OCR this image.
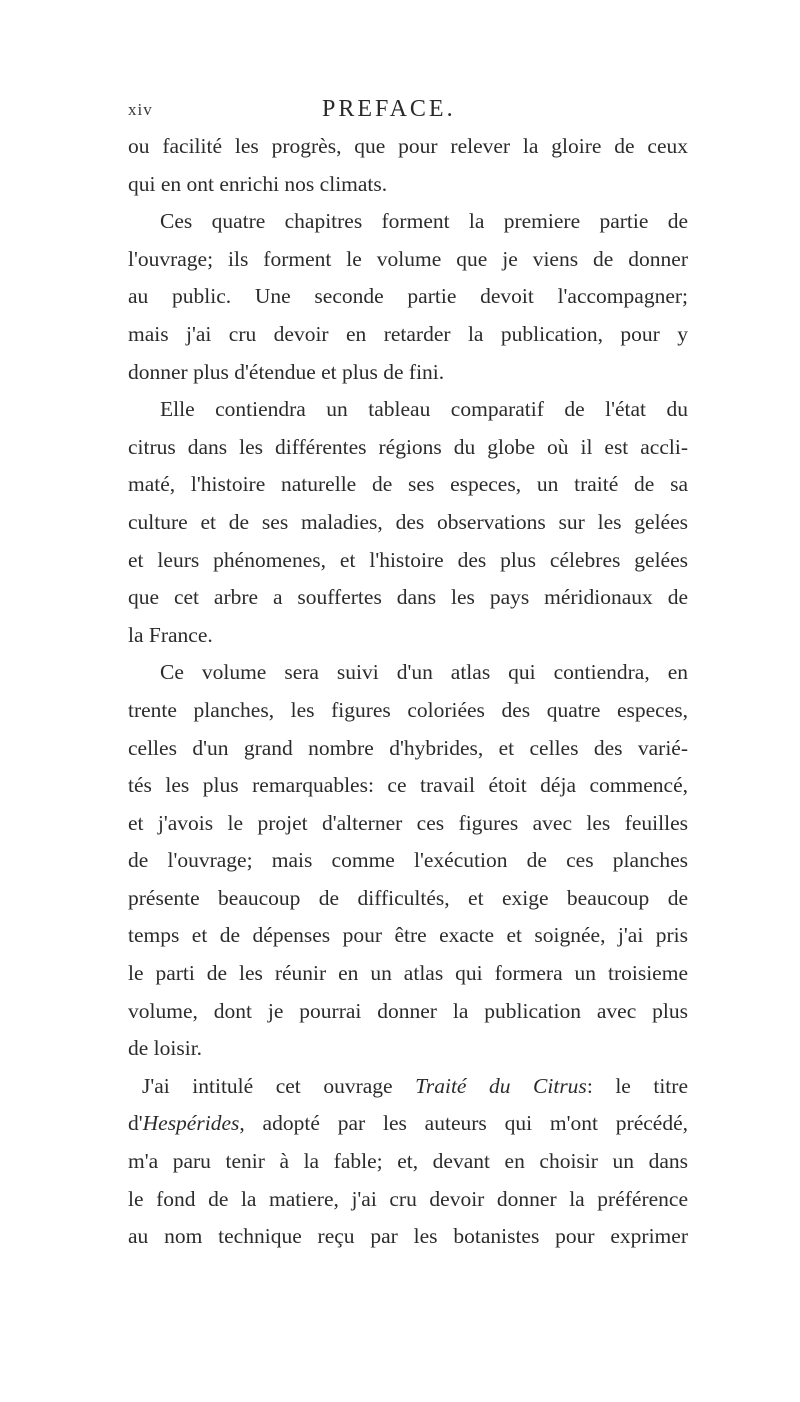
xiv	PREFACE.
ou facilité les progrès, que pour relever la gloire de ceux
qui en ont enrichi nos climats.
Ces quatre chapitres forment la premiere partie de
l'ouvrage; ils forment le volume que je viens de donner
au public. Une seconde partie devoit l'accompagner;
mais j'ai cru devoir en retarder la publication, pour y
donner plus d'étendue et plus de fini.
Elle contiendra un tableau comparatif de l'état du
citrus dans les différentes régions du globe où il est accli-
maté, l'histoire naturelle de ses especes, un traité de sa
culture et de ses maladies, des observations sur les gelées
et leurs phénomenes, et l'histoire des plus célebres gelées
que cet arbre a souffertes dans les pays méridionaux de
la France.
Ce volume sera suivi d'un atlas qui contiendra, en
trente planches, les figures coloriées des quatre especes,
celles d'un grand nombre d'hybrides, et celles des varié-
tés les plus remarquables: ce travail étoit déja commencé,
et j'avois le projet d'alterner ces figures avec les feuilles
de l'ouvrage; mais comme l'exécution de ces planches
présente beaucoup de difficultés, et exige beaucoup de
temps et de dépenses pour être exacte et soignée, j'ai pris
le parti de les réunir en un atlas qui formera un troisieme
volume, dont je pourrai donner la publication avec plus
de loisir.
J'ai intitulé cet ouvrage Traité du Citrus: le titre
d'Hespérides, adopté par les auteurs qui m'ont précédé,
m'a paru tenir à la fable; et, devant en choisir un dans
le fond de la matiere, j'ai cru devoir donner la préférence
au nom technique reçu par les botanistes pour exprimer
